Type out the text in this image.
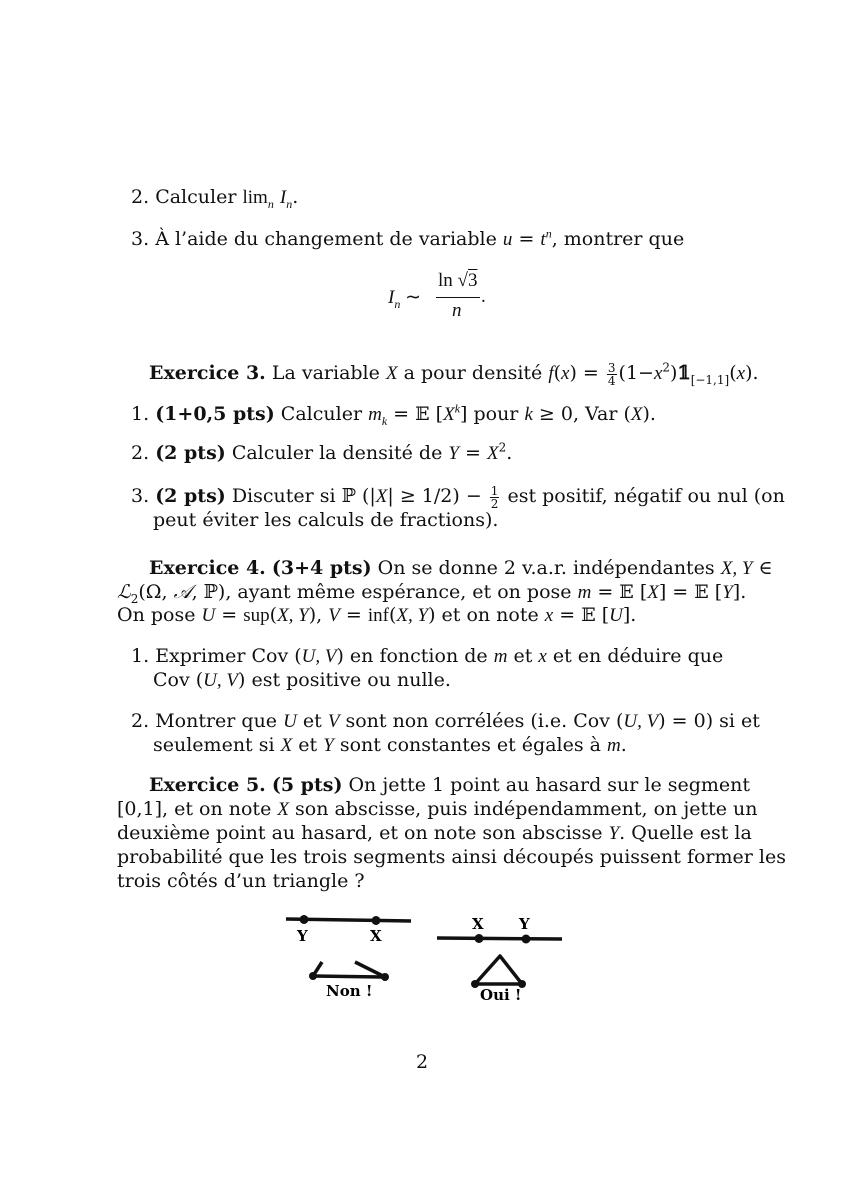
2. Calculer $\lim_n I_n$.
3. À l’aide du changement de variable $u = t^n$, montrer que
$I_n$ ∼
ln √3
n
.
Exercice 3. La variable X a pour densité $f(x) = \frac{3}{4}$ $(1-x^2)𝟙_{[-1,1]}(x)$.
1. (1+0,5 pts) Calculer $m_k$ = 𝔼 $[X^k]$ pour k ≥ 0, Var (X).
2. (2 pts) Calculer la densité de $Y = X^2$.
3. (2 pts) Discuter si ℙ $(|X| \ge 1/2) - \frac{1}{2}$ est positif, négatif ou nul (on
peut éviter les calculs de fractions).
Exercice 4. (3+4 pts) On se donne 2 v.a.r. indépendantes X, Y ∈
ℒ$_2$(Ω, 𝒜, ℙ), ayant même espérance, et on pose m = 𝔼 [X] = 𝔼 [Y].
On pose U = sup(X, Y), V = inf(X, Y) et on note x = 𝔼 [U].
1. Exprimer Cov (U, V) en fonction de m et x et en déduire que
Cov (U, V) est positive ou nulle.
2. Montrer que U et V sont non corrélées (i.e. Cov (U, V) = 0) si et
seulement si X et Y sont constantes et égales à m.
Exercice 5. (5 pts) On jette 1 point au hasard sur le segment
[0,1], et on note X son abscisse, puis indépendamment, on jette un
deuxième point au hasard, et on note son abscisse Y. Quelle est la
probabilité que les trois segments ainsi découpés puissent former les
trois côtés d’un triangle ?
Y	X
Non !
X Y
Oui !
2
